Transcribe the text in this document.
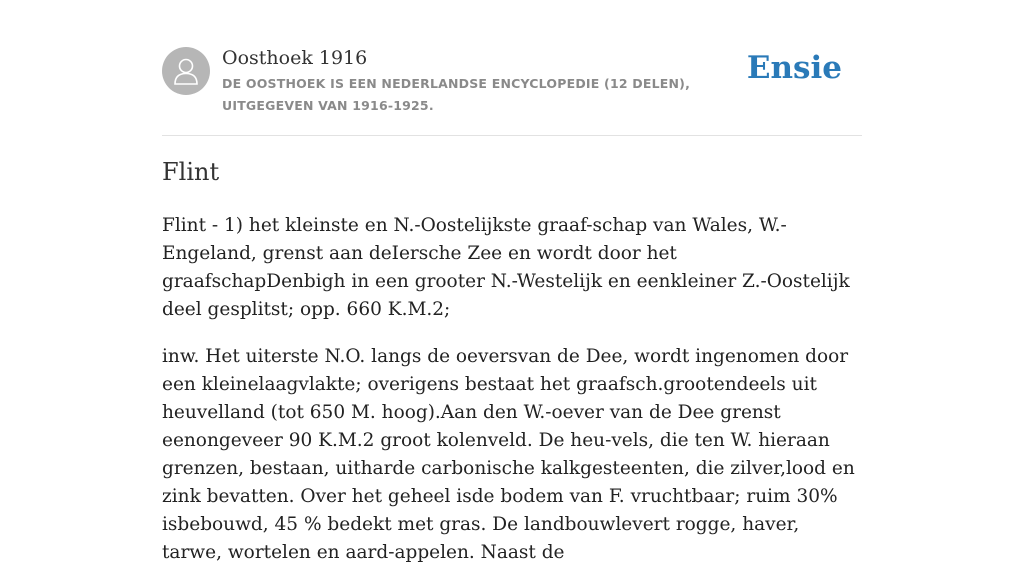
Oosthoek 1916
DE OOSTHOEK IS EEN NEDERLANDSE ENCYCLOPEDIE (12 DELEN), UITGEGEVEN VAN 1916-1925.
Ensie
Flint

Flint - 1) het kleinste en N.-Oostelijkste graaf-schap van Wales, W.-Engeland, grenst aan deIersche Zee en wordt door het graafschapDenbigh in een grooter N.-Westelijk en eenkleiner Z.-Oostelijk deel gesplitst; opp. 660 K.M.2;

inw. Het uiterste N.O. langs de oeversvan de Dee, wordt ingenomen door een kleinelaagvlakte; overigens bestaat het graafsch.grootendeels uit heuvelland (tot 650 M. hoog).Aan den W.-oever van de Dee grenst eenongeveer 90 K.M.2 groot kolenveld. De heu-vels, die ten W. hieraan grenzen, bestaan, uitharde carbonische kalkgesteenten, die zilver,lood en zink bevatten. Over het geheel isde bodem van F. vruchtbaar; ruim 30% isbebouwd, 45 % bedekt met gras. De landbouwlevert rogge, haver, tarwe, wortelen en aard-appelen. Naast de
